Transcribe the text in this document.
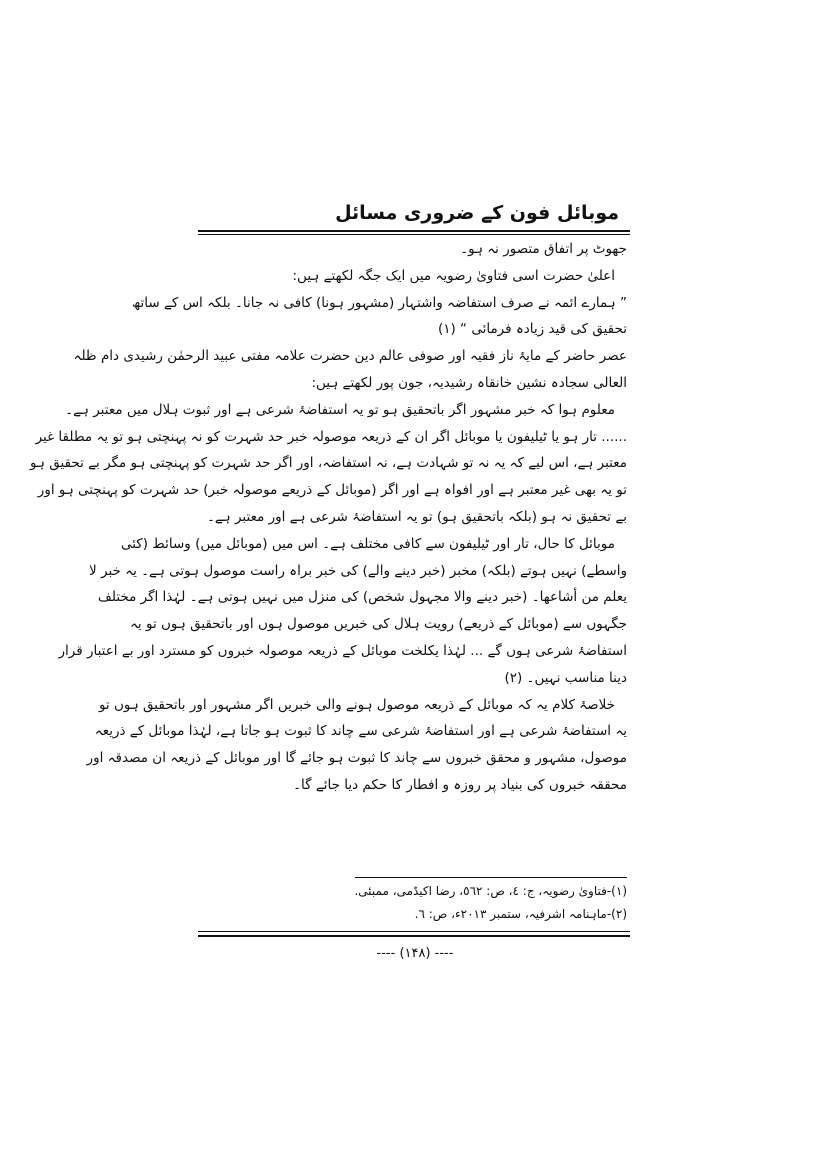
موبائل فون کے ضروری مسائل
جھوٹ پر اتفاق متصور نہ ہو۔
اعلیٰ حضرت اسی فتاویٰ رضویہ میں ایک جگہ لکھتے ہیں:
” ہمارے ائمہ نے صرف استفاضہ واشتہار (مشہور ہونا) کافی نہ جانا۔ بلکہ اس کے ساتھ
تحقیق کی قید زیادہ فرمائی “ (۱)
عصر حاضر کے مایۂ ناز فقیہ اور صوفی عالم دین حضرت علامہ مفتی عبید الرحمٰن رشیدی دام ظلہ
العالی سجادہ نشین خانقاہ رشیدیہ، جون پور لکھتے ہیں:
معلوم ہوا کہ خبر مشہور اگر باتحقیق ہو تو یہ استفاضۂ شرعی ہے اور ثبوت ہلال میں معتبر ہے۔
...... تار ہو یا ٹیلیفون یا موبائل اگر ان کے ذریعہ موصولہ خبر حد شہرت کو نہ پہنچتی ہو تو یہ مطلقا غیر
معتبر ہے، اس لیے کہ یہ نہ تو شہادت ہے، نہ استفاضہ، اور اگر حد شہرت کو پہنچتی ہو مگر بے تحقیق ہو
تو یہ بھی غیر معتبر ہے اور افواہ ہے اور اگر (موبائل کے ذریعے موصولہ خبر) حد شہرت کو پہنچتی ہو اور
بے تحقیق نہ ہو (بلکہ باتحقیق ہو) تو یہ استفاضۂ شرعی ہے اور معتبر ہے۔
موبائل کا حال، تار اور ٹیلیفون سے کافی مختلف ہے۔ اس میں (موبائل میں) وسائط (کئی
واسطے) نہیں ہوتے (بلکہ) مخبر (خبر دینے والے) کی خبر براہ راست موصول ہوتی ہے۔ یہ خبر لا
یعلم من أشاعها۔ (خبر دینے والا مجہول شخص) کی منزل میں نہیں ہوتی ہے۔ لہٰذا اگر مختلف
جگہوں سے (موبائل کے ذریعے) رویت ہلال کی خبریں موصول ہوں اور باتحقیق ہوں تو یہ
استفاضۂ شرعی ہوں گے ... لہٰذا یکلخت موبائل کے ذریعہ موصولہ خبروں کو مسترد اور بے اعتبار قرار
دینا مناسب نہیں۔ (۲)
خلاصۂ کلام یہ کہ موبائل کے ذریعہ موصول ہونے والی خبریں اگر مشہور اور باتحقیق ہوں تو
یہ استفاضۂ شرعی ہے اور استفاضۂ شرعی سے چاند کا ثبوت ہو جاتا ہے، لہٰذا موبائل کے ذریعہ
موصول، مشہور و محقق خبروں سے چاند کا ثبوت ہو جائے گا اور موبائل کے ذریعہ ان مصدقہ اور
محققہ خبروں کی بنیاد پر روزہ و افطار کا حکم دیا جائے گا۔
(۱)-فتاویٰ رضویہ، ج: ٤، ص: ٥٦٢، رضا اکیڈمی، ممبئی.
(۲)-ماہنامہ اشرفیہ، ستمبر ۲۰۱۳ء، ص: ٦.
---- (۱۴۸) ----
